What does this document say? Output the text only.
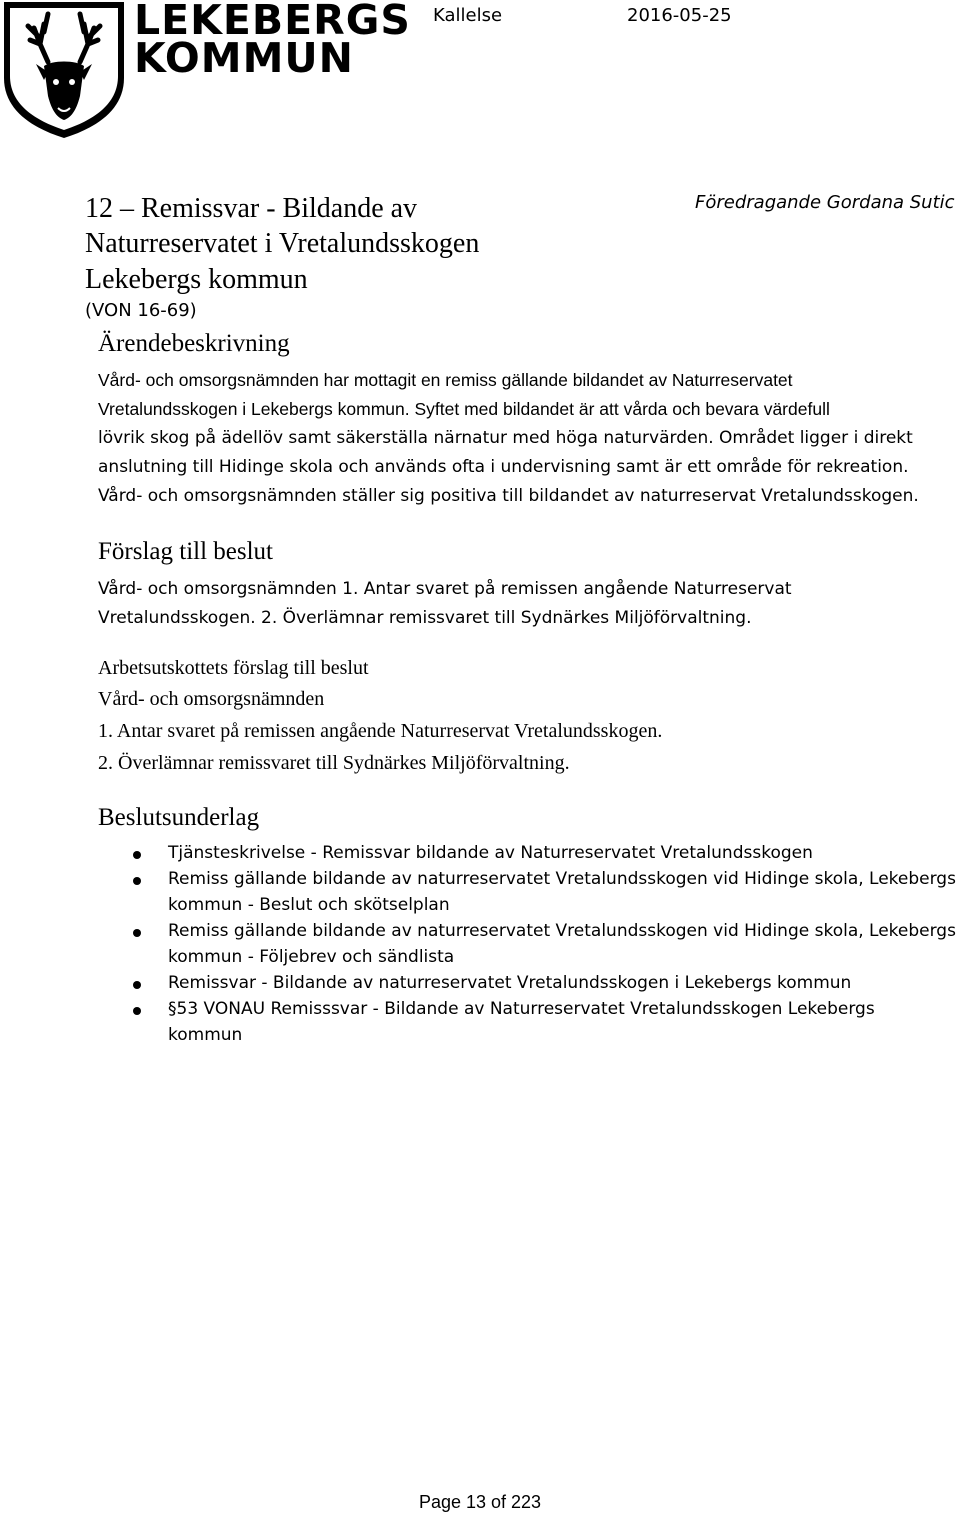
LEKEBERGS
KOMMUN
Kallelse	2016-05-25
12 – Remissvar - Bildande av
Naturreservatet i Vretalundsskogen
Lekebergs kommun
(VON 16-69)
Föredragande Gordana Sutic
Ärendebeskrivning
Vård- och omsorgsnämnden har mottagit en remiss gällande bildandet av Naturreservatet
Vretalundsskogen i Lekebergs kommun. Syftet med bildandet är att vårda och bevara värdefull
lövrik skog på ädellöv samt säkerställa närnatur med höga naturvärden. Området ligger i direkt
anslutning till Hidinge skola och används ofta i undervisning samt är ett område för rekreation.
Vård- och omsorgsnämnden ställer sig positiva till bildandet av naturreservat Vretalundsskogen.
Förslag till beslut
Vård- och omsorgsnämnden 1. Antar svaret på remissen angående Naturreservat
Vretalundsskogen. 2. Överlämnar remissvaret till Sydnärkes Miljöförvaltning.
Arbetsutskottets förslag till beslut
Vård- och omsorgsnämnden
1. Antar svaret på remissen angående Naturreservat Vretalundsskogen.
2. Överlämnar remissvaret till Sydnärkes Miljöförvaltning.
Beslutsunderlag
Tjänsteskrivelse - Remissvar bildande av Naturreservatet Vretalundsskogen
Remiss gällande bildande av naturreservatet Vretalundsskogen vid Hidinge skola, Lekebergs
kommun - Beslut och skötselplan
Remiss gällande bildande av naturreservatet Vretalundsskogen vid Hidinge skola, Lekebergs
kommun - Följebrev och sändlista
Remissvar - Bildande av naturreservatet Vretalundsskogen i Lekebergs kommun
§53 VONAU Remisssvar - Bildande av Naturreservatet Vretalundsskogen Lekebergs
kommun
Page 13 of 223
